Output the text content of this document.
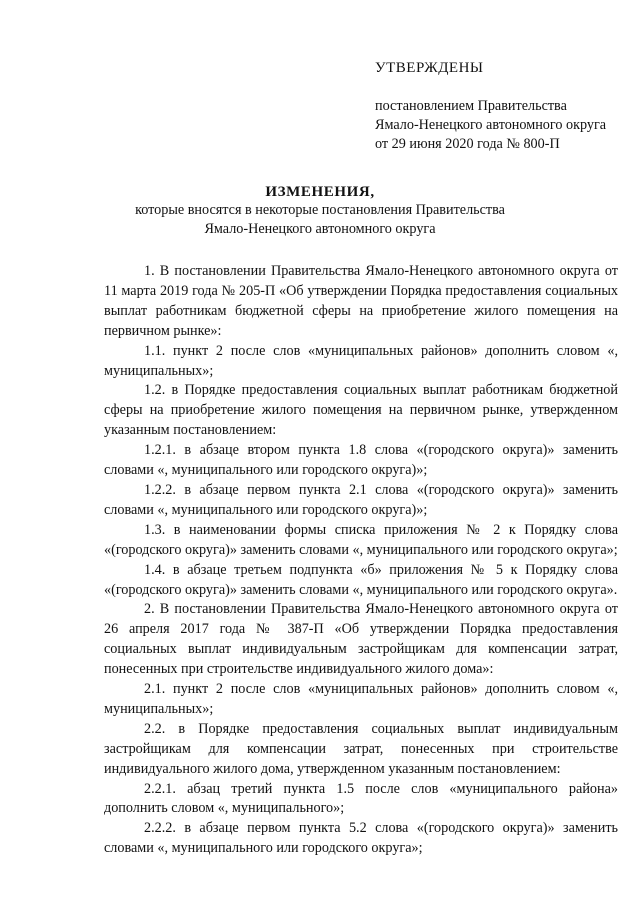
УТВЕРЖДЕНЫ
постановлением Правительства
Ямало-Ненецкого автономного округа
от 29 июня 2020 года № 800-П
ИЗМЕНЕНИЯ,
которые вносятся в некоторые постановления Правительства
Ямало-Ненецкого автономного округа

1. В постановлении Правительства Ямало-Ненецкого автономного округа от 11 марта 2019 года № 205-П «Об утверждении Порядка предоставления социальных выплат работникам бюджетной сферы на приобретение жилого помещения на первичном рынке»:

1.1. пункт 2 после слов «муниципальных районов» дополнить словом «, муниципальных»;

1.2. в Порядке предоставления социальных выплат работникам бюджетной сферы на приобретение жилого помещения на первичном рынке, утвержденном указанным постановлением:

1.2.1. в абзаце втором пункта 1.8 слова «(городского округа)» заменить словами «, муниципального или городского округа)»;

1.2.2. в абзаце первом пункта 2.1 слова «(городского округа)» заменить словами «, муниципального или городского округа)»;

1.3. в наименовании формы списка приложения № 2 к Порядку слова «(городского округа)» заменить словами «, муниципального или городского округа»;

1.4. в абзаце третьем подпункта «б» приложения № 5 к Порядку слова «(городского округа)» заменить словами «, муниципального или городского округа».

2. В постановлении Правительства Ямало-Ненецкого автономного округа от 26 апреля 2017 года № 387-П «Об утверждении Порядка предоставления социальных выплат индивидуальным застройщикам для компенсации затрат, понесенных при строительстве индивидуального жилого дома»:

2.1. пункт 2 после слов «муниципальных районов» дополнить словом «, муниципальных»;

2.2. в Порядке предоставления социальных выплат индивидуальным застройщикам для компенсации затрат, понесенных при строительстве индивидуального жилого дома, утвержденном указанным постановлением:

2.2.1. абзац третий пункта 1.5 после слов «муниципального района» дополнить словом «, муниципального»;

2.2.2. в абзаце первом пункта 5.2 слова «(городского округа)» заменить словами «, муниципального или городского округа»;
